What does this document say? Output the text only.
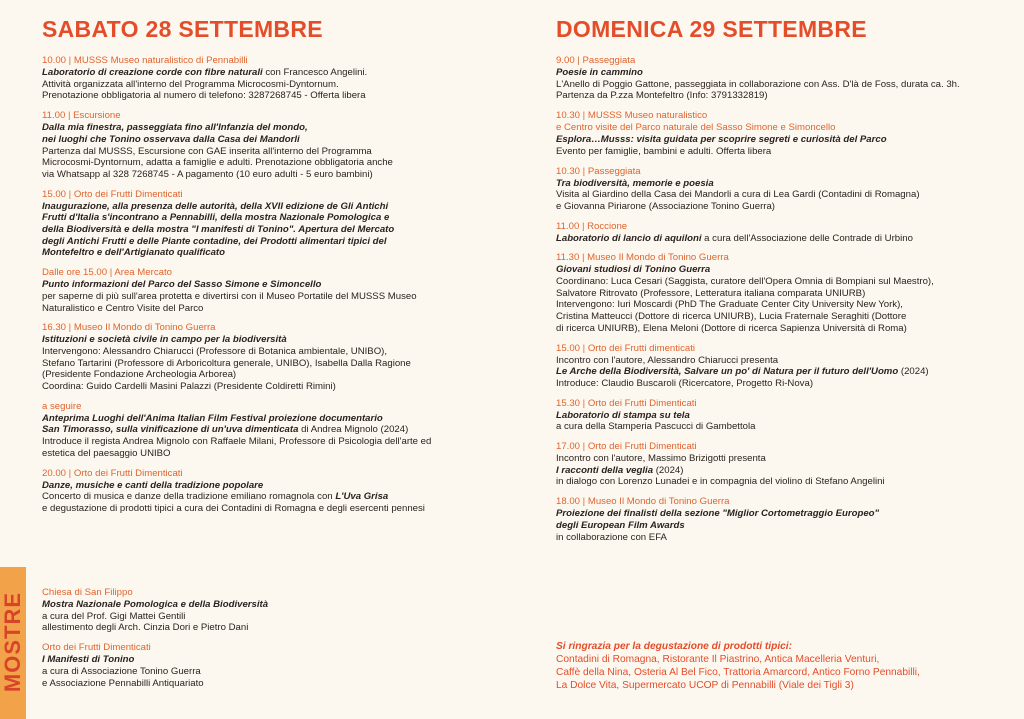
SABATO 28 SETTEMBRE
10.00 | MUSSS Museo naturalistico di Pennabilli
Laboratorio di creazione corde con fibre naturali con Francesco Angelini.
Attività organizzata all'interno del Programma Microcosmi-Dyntornum.
Prenotazione obbligatoria al numero di telefono: 3287268745 - Offerta libera
11.00 | Escursione
Dalla mia finestra, passeggiata fino all'Infanzia del mondo,
nei luoghi che Tonino osservava dalla Casa dei Mandorli
Partenza dal MUSSS, Escursione con GAE inserita all'interno del Programma
Microcosmi-Dyntornum, adatta a famiglie e adulti. Prenotazione obbligatoria anche
via Whatsapp al 328 7268745 - A pagamento (10 euro adulti - 5 euro bambini)
15.00 | Orto dei Frutti Dimenticati
Inaugurazione, alla presenza delle autorità, della XVII edizione de Gli Antichi
Frutti d'Italia s'incontrano a Pennabilli, della mostra Nazionale Pomologica e
della Biodiversità e della mostra "I manifesti di Tonino". Apertura del Mercato
degli Antichi Frutti e delle Piante contadine, dei Prodotti alimentari tipici del
Montefeltro e dell'Artigianato qualificato
Dalle ore 15.00 | Area Mercato
Punto informazioni del Parco del Sasso Simone e Simoncello
per saperne di più sull'area protetta e divertirsi con il Museo Portatile del MUSSS Museo
Naturalistico e Centro Visite del Parco
16.30 | Museo Il Mondo di Tonino Guerra
Istituzioni e società civile in campo per la biodiversità
Intervengono: Alessandro Chiarucci (Professore di Botanica ambientale, UNIBO),
Stefano Tartarini (Professore di Arboricoltura generale, UNIBO), Isabella Dalla Ragione
(Presidente Fondazione Archeologia Arborea)
Coordina: Guido Cardelli Masini Palazzi (Presidente Coldiretti Rimini)
a seguire
Anteprima Luoghi dell'Anima Italian Film Festival proiezione documentario
San Timorasso, sulla vinificazione di un'uva dimenticata di Andrea Mignolo (2024)
Introduce il regista Andrea Mignolo con Raffaele Milani, Professore di Psicologia dell'arte ed
estetica del paesaggio UNIBO
20.00 | Orto dei Frutti Dimenticati
Danze, musiche e canti della tradizione popolare
Concerto di musica e danze della tradizione emiliano romagnola con L'Uva Grisa
e degustazione di prodotti tipici a cura dei Contadini di Romagna e degli esercenti pennesi
DOMENICA 29 SETTEMBRE
9.00 | Passeggiata
Poesie in cammino
L'Anello di Poggio Gattone, passeggiata in collaborazione con Ass. D'là de Foss, durata ca. 3h.
Partenza da P.zza Montefeltro (Info: 3791332819)
10.30 | MUSSS Museo naturalistico
e Centro visite del Parco naturale del Sasso Simone e Simoncello
Esplora…Musss: visita guidata per scoprire segreti e curiosità del Parco
Evento per famiglie, bambini e adulti. Offerta libera
10.30 | Passeggiata
Tra biodiversità, memorie e poesia
Visita al Giardino della Casa dei Mandorli a cura di Lea Gardi (Contadini di Romagna)
e Giovanna Piriarone (Associazione Tonino Guerra)
11.00 | Roccione
Laboratorio di lancio di aquiloni a cura dell'Associazione delle Contrade di Urbino
11.30 | Museo Il Mondo di Tonino Guerra
Giovani studiosi di Tonino Guerra
Coordinano: Luca Cesari (Saggista, curatore dell'Opera Omnia di Bompiani sul Maestro),
Salvatore Ritrovato (Professore, Letteratura italiana comparata UNIURB)
Intervengono: Iuri Moscardi (PhD The Graduate Center City University New York),
Cristina Matteucci (Dottore di ricerca UNIURB), Lucia Fraternale Seraghiti (Dottore
di ricerca UNIURB), Elena Meloni (Dottore di ricerca Sapienza Università di Roma)
15.00 | Orto dei Frutti dimenticati
Incontro con l'autore, Alessandro Chiarucci presenta
Le Arche della Biodiversità, Salvare un po' di Natura per il futuro dell'Uomo (2024)
Introduce: Claudio Buscaroli (Ricercatore, Progetto Ri-Nova)
15.30 | Orto dei Frutti Dimenticati
Laboratorio di stampa su tela
a cura della Stamperia Pascucci di Gambettola
17.00 | Orto dei Frutti Dimenticati
Incontro con l'autore, Massimo Brizigotti presenta
I racconti della veglia (2024)
in dialogo con Lorenzo Lunadei e in compagnia del violino di Stefano Angelini
18.00 | Museo Il Mondo di Tonino Guerra
Proiezione dei finalisti della sezione "Miglior Cortometraggio Europeo"
degli European Film Awards
in collaborazione con EFA
MOSTRE Chiesa di San Filippo
Mostra Nazionale Pomologica e della Biodiversità
a cura del Prof. Gigi Mattei Gentili
allestimento degli Arch. Cinzia Dori e Pietro Dani
Orto dei Frutti Dimenticati
I Manifesti di Tonino
a cura di Associazione Tonino Guerra
e Associazione Pennabilli Antiquariato
Si ringrazia per la degustazione di prodotti tipici:
Contadini di Romagna, Ristorante Il Piastrino, Antica Macelleria Venturi,
Caffè della Nina, Osteria Al Bel Fico, Trattoria Amarcord, Antico Forno Pennabilli,
La Dolce Vita, Supermercato UCOP di Pennabilli (Viale dei Tigli 3)
